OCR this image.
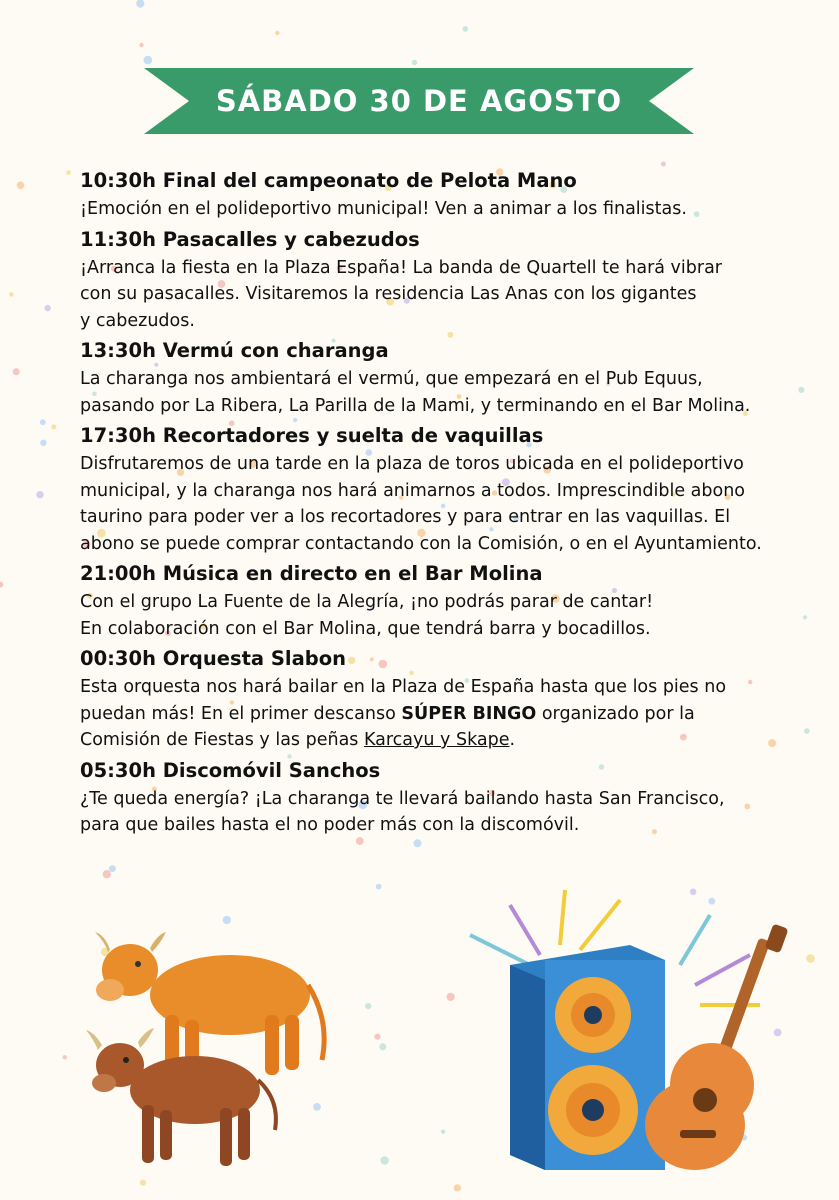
SÁBADO 30 DE AGOSTO

10:30h Final del campeonato de Pelota Mano

¡Emoción en el polideportivo municipal! Ven a animar a los finalistas.

11:30h Pasacalles y cabezudos

¡Arranca la fiesta en la Plaza España! La banda de Quartell te hará vibrar
con su pasacalles. Visitaremos la residencia Las Anas con los gigantes
y cabezudos.

13:30h Vermú con charanga

La charanga nos ambientará el vermú, que empezará en el Pub Equus,
pasando por La Ribera, La Parilla de la Mami, y terminando en el Bar Molina.

17:30h Recortadores y suelta de vaquillas

Disfrutaremos de una tarde en la plaza de toros ubicada en el polideportivo
municipal, y la charanga nos hará animarnos a todos. Imprescindible abono
taurino para poder ver a los recortadores y para entrar en las vaquillas. El
abono se puede comprar contactando con la Comisión, o en el Ayuntamiento.

21:00h Música en directo en el Bar Molina

Con el grupo La Fuente de la Alegría, ¡no podrás parar de cantar!
En colaboración con el Bar Molina, que tendrá barra y bocadillos.

00:30h Orquesta Slabon

Esta orquesta nos hará bailar en la Plaza de España hasta que los pies no
puedan más! En el primer descanso SÚPER BINGO organizado por la
Comisión de Fiestas y las peñas Karcayu y Skape.

05:30h Discomóvil Sanchos

¿Te queda energía? ¡La charanga te llevará bailando hasta San Francisco,
para que bailes hasta el no poder más con la discomóvil.
